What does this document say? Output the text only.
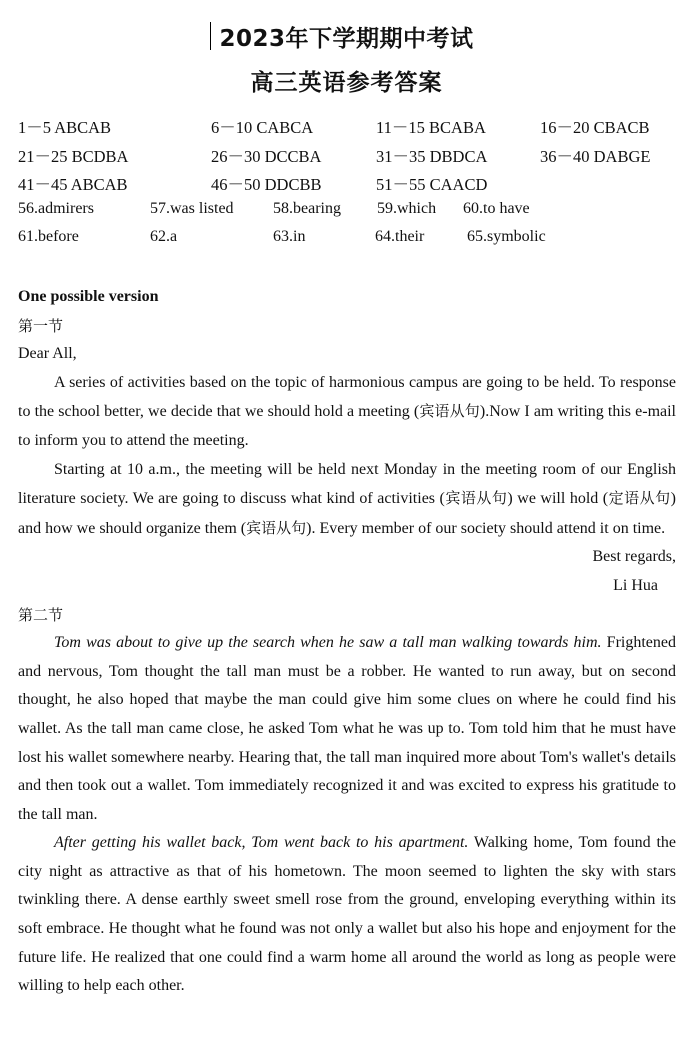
2023年下学期期中考试
高三英语参考答案
1－5 ABCAB	6－10 CABCA	11－15 BCABA	16－20 CBACB
21－25 BCDBA	26－30 DCCBA	31－35 DBDCA	36－40 DABGE
41－45 ABCAB	46－50 DDCBB	51－55 CAACD
56.admirers	57.was listed 58.bearing 59.which 60.to have
61.before	62.a	63.in	64.their	65.symbolic

One possible version

第一节

Dear All,

A series of activities based on the topic of harmonious campus are going to be held. To response to the school better, we decide that we should hold a meeting (宾语从句).Now I am writing this e-mail to inform you to attend the meeting.

Starting at 10 a.m., the meeting will be held next Monday in the meeting room of our English literature society. We are going to discuss what kind of activities (宾语从句) we will hold (定语从句) and how we should organize them (宾语从句). Every member of our society should attend it on time.

Best regards,

Li Hua

第二节

Tom was about to give up the search when he saw a tall man walking towards him. Frightened and nervous, Tom thought the tall man must be a robber. He wanted to run away, but on second thought, he also hoped that maybe the man could give him some clues on where he could find his wallet. As the tall man came close, he asked Tom what he was up to. Tom told him that he must have lost his wallet somewhere nearby. Hearing that, the tall man inquired more about Tom's wallet's details and then took out a wallet. Tom immediately recognized it and was excited to express his gratitude to the tall man.

After getting his wallet back, Tom went back to his apartment. Walking home, Tom found the city night as attractive as that of his hometown. The moon seemed to lighten the sky with stars twinkling there. A dense earthly sweet smell rose from the ground, enveloping everything within its soft embrace. He thought what he found was not only a wallet but also his hope and enjoyment for the future life. He realized that one could find a warm home all around the world as long as people were willing to help each other.
